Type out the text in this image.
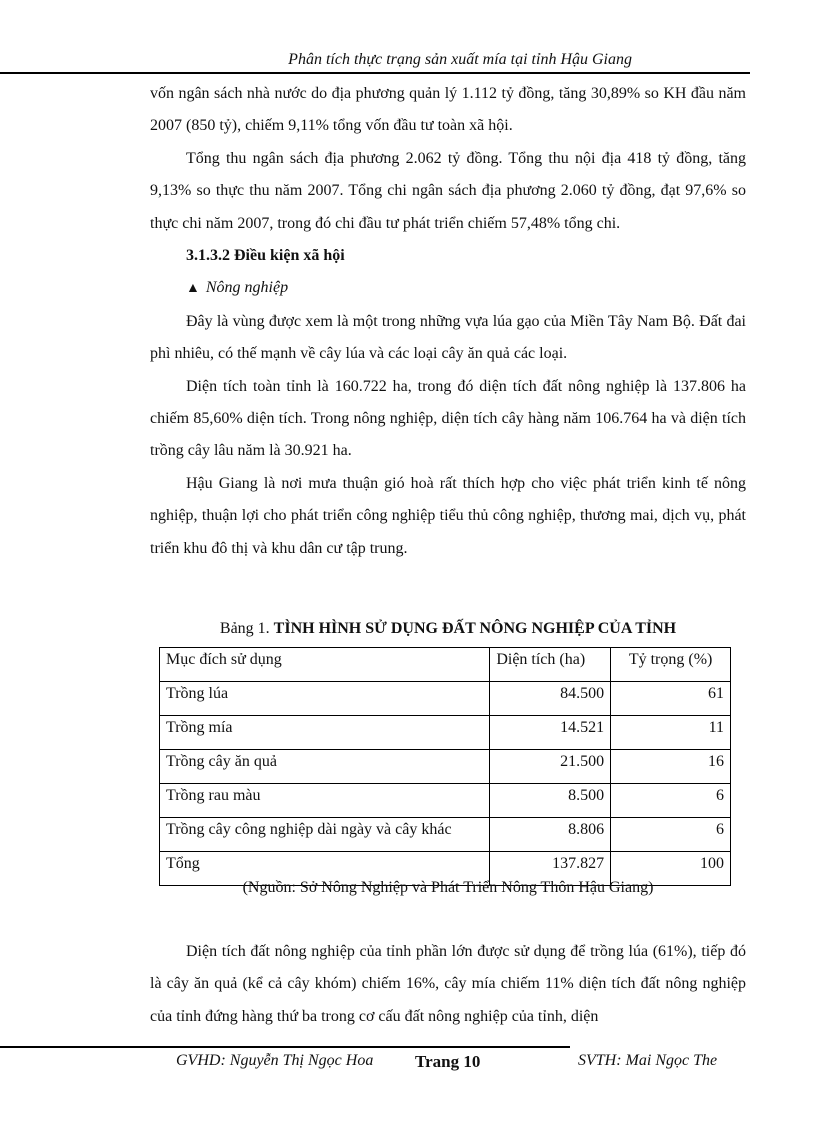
Phân tích thực trạng sản xuất mía tại tỉnh Hậu Giang

vốn ngân sách nhà nước do địa phương quản lý 1.112 tỷ đồng, tăng 30,89% so KH đầu năm 2007 (850 tỷ), chiếm 9,11% tổng vốn đầu tư toàn xã hội.

Tổng thu ngân sách địa phương 2.062 tỷ đồng. Tổng thu nội địa 418 tỷ đồng, tăng 9,13% so thực thu năm 2007. Tổng chi ngân sách địa phương 2.060 tỷ đồng, đạt 97,6% so thực chi năm 2007, trong đó chi đầu tư phát triển chiếm 57,48% tổng chi.

3.1.3.2 Điều kiện xã hội

▲ Nông nghiệp

Đây là vùng được xem là một trong những vựa lúa gạo của Miền Tây Nam Bộ. Đất đai phì nhiêu, có thế mạnh về cây lúa và các loại cây ăn quả các loại.

Diện tích toàn tỉnh là 160.722 ha, trong đó diện tích đất nông nghiệp là 137.806 ha chiếm 85,60% diện tích. Trong nông nghiệp, diện tích cây hàng năm 106.764 ha và diện tích trồng cây lâu năm là 30.921 ha.

Hậu Giang là nơi mưa thuận gió hoà rất thích hợp cho việc phát triển kinh tế nông nghiệp, thuận lợi cho phát triển công nghiệp tiểu thủ công nghiệp, thương mai, dịch vụ, phát triển khu đô thị và khu dân cư tập trung.

Bảng 1. TÌNH HÌNH SỬ DỤNG ĐẤT NÔNG NGHIỆP CỦA TỈNH
Mục đích sử dụng	Diện tích (ha)	Tỷ trọng (%)
Trồng lúa	84.500	61
Trồng mía	14.521	11
Trồng cây ăn quả	21.500	16
Trồng rau màu	8.500	6
Trồng cây công nghiệp dài ngày và cây khác	8.806	6
Tổng	137.827	100
(Nguồn: Sở Nông Nghiệp và Phát Triển Nông Thôn Hậu Giang)

Diện tích đất nông nghiệp của tỉnh phần lớn được sử dụng để trồng lúa (61%), tiếp đó là cây ăn quả (kể cả cây khóm) chiếm 16%, cây mía chiếm 11% diện tích đất nông nghiệp của tỉnh đứng hàng thứ ba trong cơ cấu đất nông nghiệp của tỉnh, diện

GVHD: Nguyễn Thị Ngọc Hoa Trang 10	SVTH: Mai Ngọc The
